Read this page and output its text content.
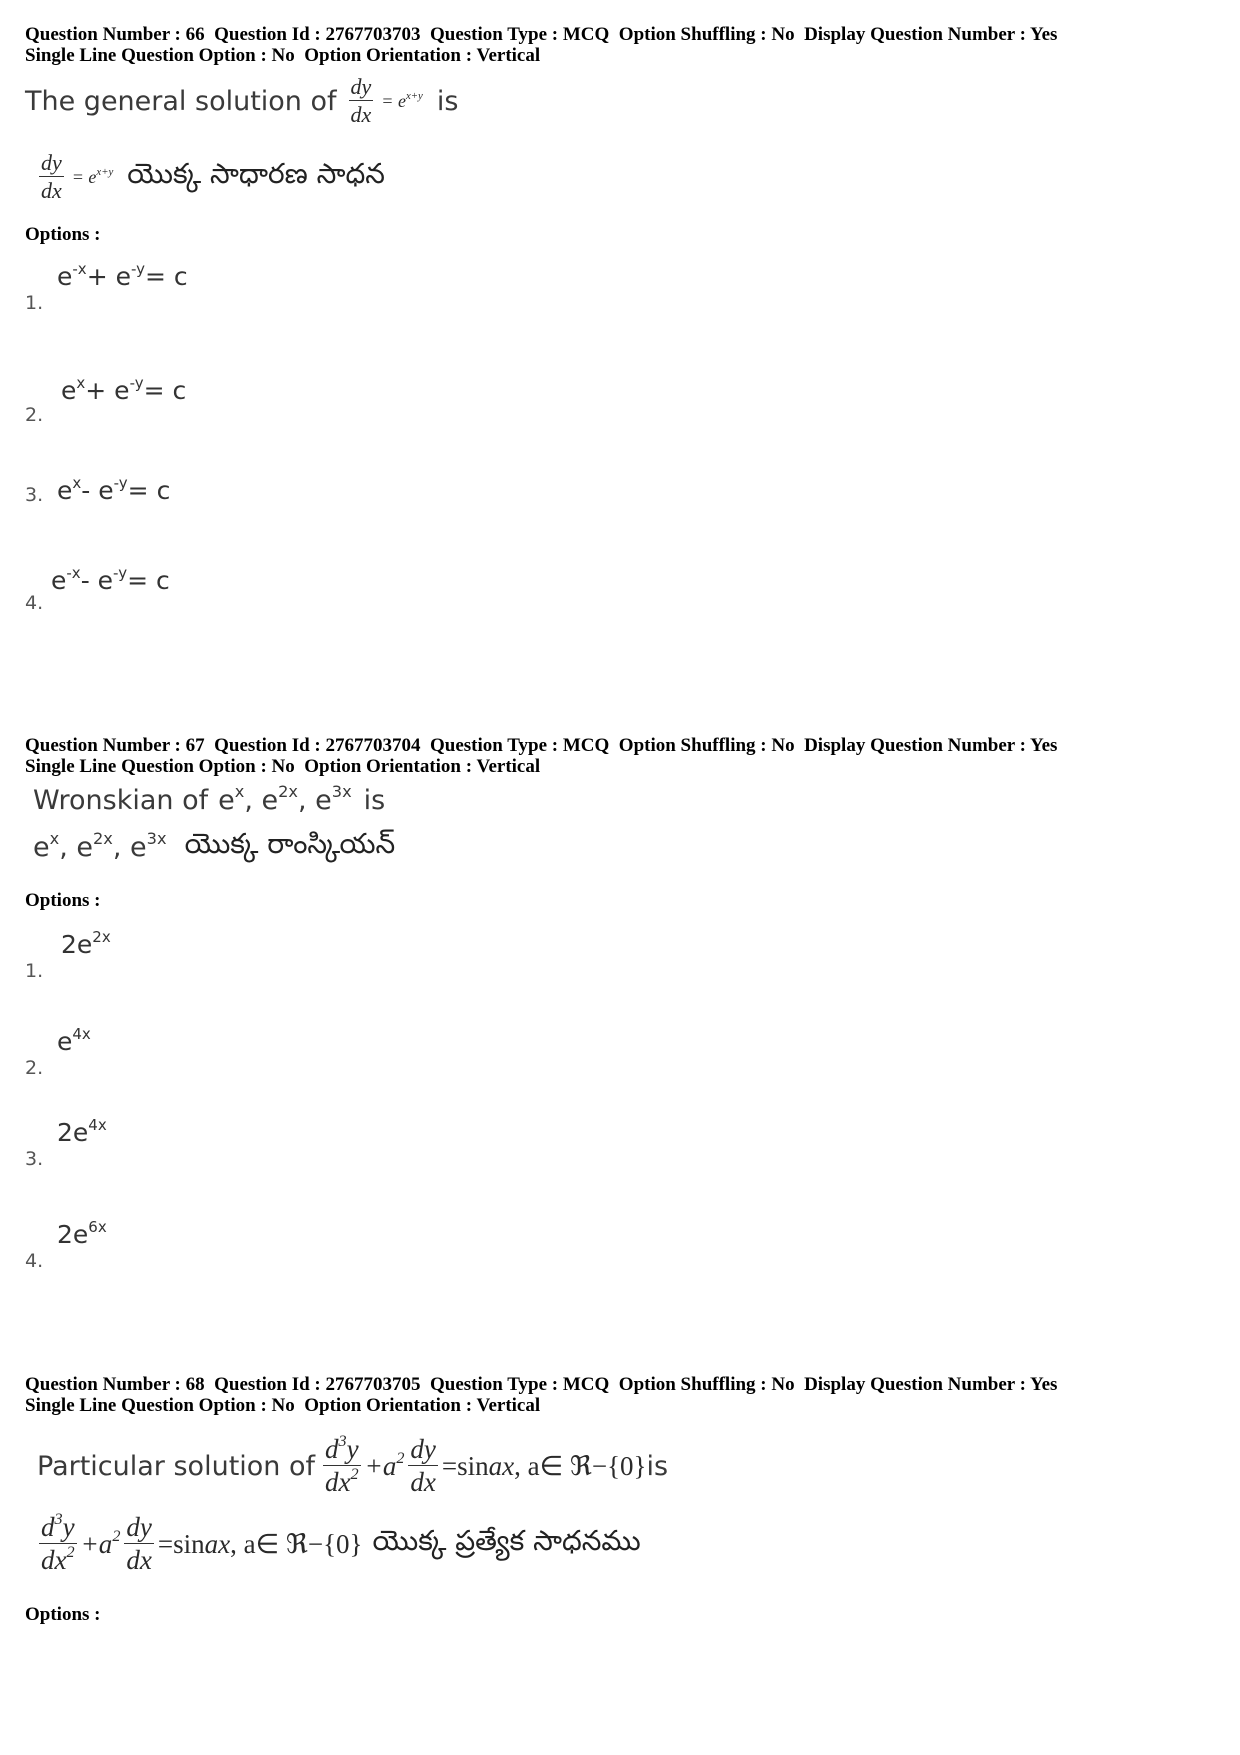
Question Number : 66  Question Id : 2767703703  Question Type : MCQ  Option Shuffling : No  Display Question Number : Yes
Single Line Question Option : No  Option Orientation : Vertical
The general solution of $\frac{dy}{dx} = e^{x+y}$ is
$\frac{dy}{dx} = e^{x+y}$ యొక్క సాధారణ సాధన
Options :
$e^{-x}+ e^{-y}= c$
1.
$e^x+ e^{-y}= c$
2.
$e^x-$ $e^{-y}= c$
3.
$e^{-x}-$ $e^{-y}= c$
4.
Question Number : 67  Question Id : 2767703704  Question Type : MCQ  Option Shuffling : No  Display Question Number : Yes
Single Line Question Option : No  Option Orientation : Vertical
Wronskian of $e^x$, $e^{2x}$, $e^{3x}$ is
$e^x$, $e^{2x}$, $e^{3x}$ యొక్క రాంస్కియన్
Options :
$2e^{2x}$
1.
$e^{4x}$
2.
$2e^{4x}$
3.
$2e^{6x}$
4.
Question Number : 68  Question Id : 2767703705  Question Type : MCQ  Option Shuffling : No  Display Question Number : Yes
Single Line Question Option : No  Option Orientation : Vertical
Particular solution of $\frac{d^3y}{dx^2} +a^2 \frac{dy}{dx}$ =sinax, a∈ ℜ−{0} is
$\frac{d^3y}{dx^2} +a^2 \frac{dy}{dx}$ =sinax, a∈ ℜ−{0} యొక్క ప్రత్యేక సాధనము
Options :
